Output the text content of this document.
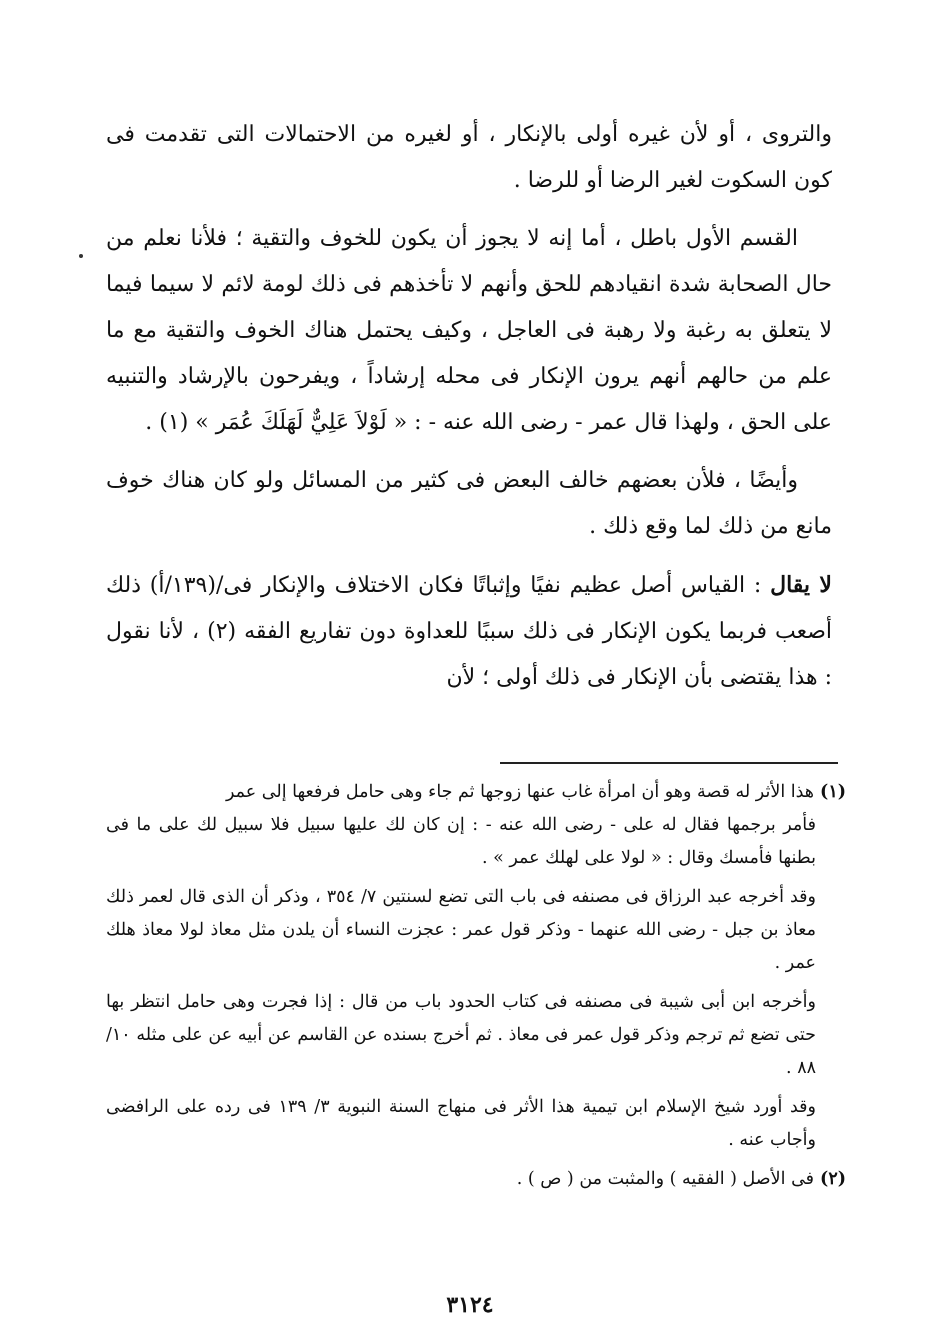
والتروى ، أو لأن غيره أولى بالإنكار ، أو لغيره من الاحتمالات التى تقدمت فى كون السكوت لغير الرضا أو للرضا .

القسم الأول باطل ، أما إنه لا يجوز أن يكون للخوف والتقية ؛ فلأنا نعلم من حال الصحابة شدة انقيادهم للحق وأنهم لا تأخذهم فى ذلك لومة لائم لا سيما فيما لا يتعلق به رغبة ولا رهبة فى العاجل ، وكيف يحتمل هناك الخوف والتقية مع ما علم من حالهم أنهم يرون الإنكار فى محله إرشاداً ، ويفرحون بالإرشاد والتنبيه على الحق ، ولهذا قال عمر - رضى الله عنه - : « لَوْلاَ عَلِيٌّ لَهَلَكَ عُمَر » (١) .

وأيضًا ، فلأن بعضهم خالف البعض فى كثير من المسائل ولو كان هناك خوف مانع من ذلك لما وقع ذلك .

لا يقال : القياس أصل عظيم نفيًا وإثباتًا فكان الاختلاف والإنكار فى/(١٣٩/أ) ذلك أصعب فربما يكون الإنكار فى ذلك سببًا للعداوة دون تفاريع الفقه (٢) ، لأنا نقول : هذا يقتضى بأن الإنكار فى ذلك أولى ؛ لأن

(١)هذا الأثر له قصة وهو أن امرأة غاب عنها زوجها ثم جاء وهى حامل فرفعها إلى عمر

فأمر برجمها فقال له على - رضى الله عنه - : إن كان لك عليها سبيل فلا سبيل لك على ما فى بطنها فأمسك وقال : « لولا على لهلك عمر » .

وقد أخرجه عبد الرزاق فى مصنفه فى باب التى تضع لسنتين ٧/ ٣٥٤ ، وذكر أن الذى قال لعمر ذلك معاذ بن جبل - رضى الله عنهما - وذكر قول عمر : عجزت النساء أن يلدن مثل معاذ لولا معاذ هلك عمر .

وأخرجه ابن أبى شيبة فى مصنفه فى كتاب الحدود باب من قال : إذا فجرت وهى حامل انتظر بها حتى تضع ثم ترجم وذكر قول عمر فى معاذ . ثم أخرج بسنده عن القاسم عن أبيه عن على مثله ١٠/ ٨٨ .

وقد أورد شيخ الإسلام ابن تيمية هذا الأثر فى منهاج السنة النبوية ٣/ ١٣٩ فى رده على الرافضى وأجاب عنه .

(٢)فى الأصل ( الفقيه ) والمثبت من ( ص ) .

٣١٢٤
